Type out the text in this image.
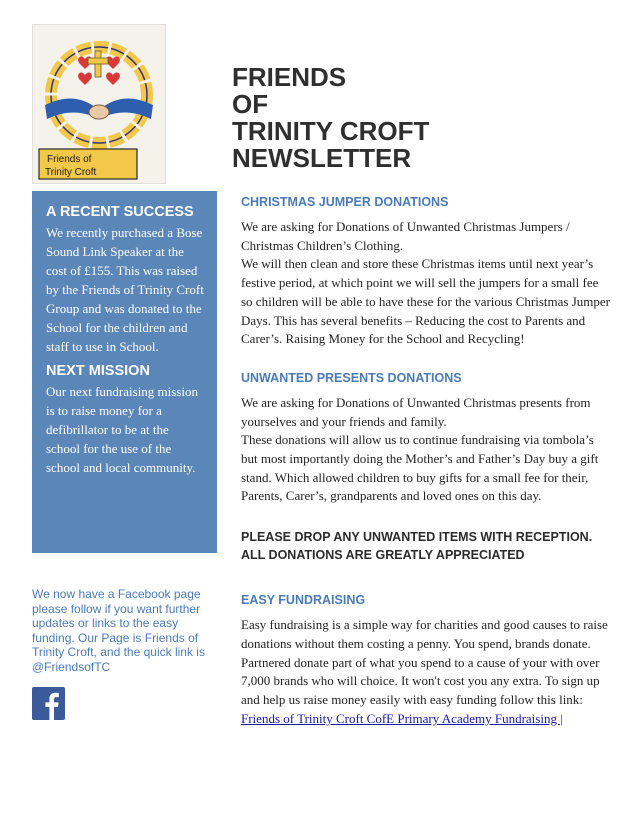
Friends of
Trinity Croft
FRIENDS
OF
TRINITY CROFT
NEWSLETTER
A RECENT SUCCESS

We recently purchased a Bose Sound Link Speaker at the cost of £155. This was raised by the Friends of Trinity Croft Group and was donated to the School for the children and staff to use in School.

NEXT MISSION

Our next fundraising mission is to raise money for a defibrillator to be at the school for the use of the school and local community.

We now have a Facebook page please follow if you want further updates or links to the easy funding. Our Page is Friends of Trinity Croft, and the quick link is @FriendsofTC

CHRISTMAS JUMPER DONATIONS

We are asking for Donations of Unwanted Christmas Jumpers / Christmas Children’s Clothing.

We will then clean and store these Christmas items until next year’s festive period, at which point we will sell the jumpers for a small fee so children will be able to have these for the various Christmas Jumper Days. This has several benefits – Reducing the cost to Parents and Carer’s. Raising Money for the School and Recycling!

UNWANTED PRESENTS DONATIONS

We are asking for Donations of Unwanted Christmas presents from yourselves and your friends and family.

These donations will allow us to continue fundraising via tombola’s but most importantly doing the Mother’s and Father’s Day buy a gift stand. Which allowed children to buy gifts for a small fee for their, Parents, Carer’s, grandparents and loved ones on this day.

PLEASE DROP ANY UNWANTED ITEMS WITH RECEPTION.
ALL DONATIONS ARE GREATLY APPRECIATED

EASY FUNDRAISING

Easy fundraising is a simple way for charities and good causes to raise donations without them costing a penny. You spend, brands donate. Partnered donate part of what you spend to a cause of your with over 7,000 brands who will choice. It won't cost you any extra. To sign up and help us raise money easily with easy funding follow this link:
Friends of Trinity Croft CofE Primary Academy Fundraising |
